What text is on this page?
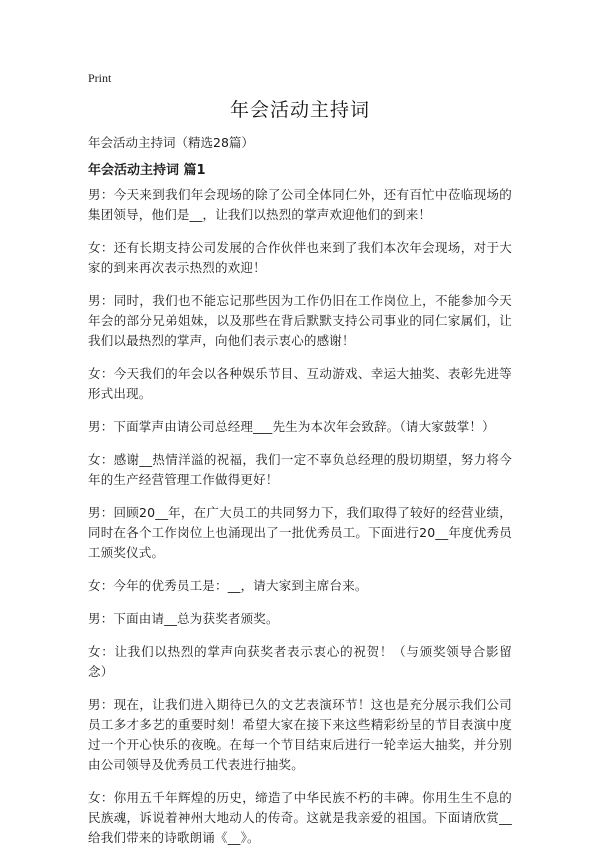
Print
年会活动主持词

年会活动主持词（精选28篇）

年会活动主持词 篇1

男：今天来到我们年会现场的除了公司全体同仁外，还有百忙中莅临现场的集团领导，他们是__，让我们以热烈的掌声欢迎他们的到来！

女：还有长期支持公司发展的合作伙伴也来到了我们本次年会现场，对于大家的到来再次表示热烈的欢迎！

男：同时，我们也不能忘记那些因为工作仍旧在工作岗位上，不能参加今天年会的部分兄弟姐妹，以及那些在背后默默支持公司事业的同仁家属们，让我们以最热烈的掌声，向他们表示衷心的感谢！

女：今天我们的年会以各种娱乐节目、互动游戏、幸运大抽奖、表彰先进等形式出现。

男：下面掌声由请公司总经理___先生为本次年会致辞。（请大家鼓掌！）

女：感谢__热情洋溢的祝福，我们一定不辜负总经理的殷切期望，努力将今年的生产经营管理工作做得更好！

男：回顾20__年，在广大员工的共同努力下，我们取得了较好的经营业绩，同时在各个工作岗位上也涌现出了一批优秀员工。下面进行20__年度优秀员工颁奖仪式。

女：今年的优秀员工是：__，请大家到主席台来。

男：下面由请__总为获奖者颁奖。

女：让我们以热烈的掌声向获奖者表示衷心的祝贺！（与颁奖领导合影留念）

男：现在，让我们进入期待已久的文艺表演环节！这也是充分展示我们公司员工多才多艺的重要时刻！希望大家在接下来这些精彩纷呈的节目表演中度过一个开心快乐的夜晚。在每一个节目结束后进行一轮幸运大抽奖，并分别由公司领导及优秀员工代表进行抽奖。

女：你用五千年辉煌的历史，缔造了中华民族不朽的丰碑。你用生生不息的民族魂，诉说着神州大地动人的传奇。这就是我亲爱的祖国。下面请欣赏__给我们带来的诗歌朗诵《__》。
